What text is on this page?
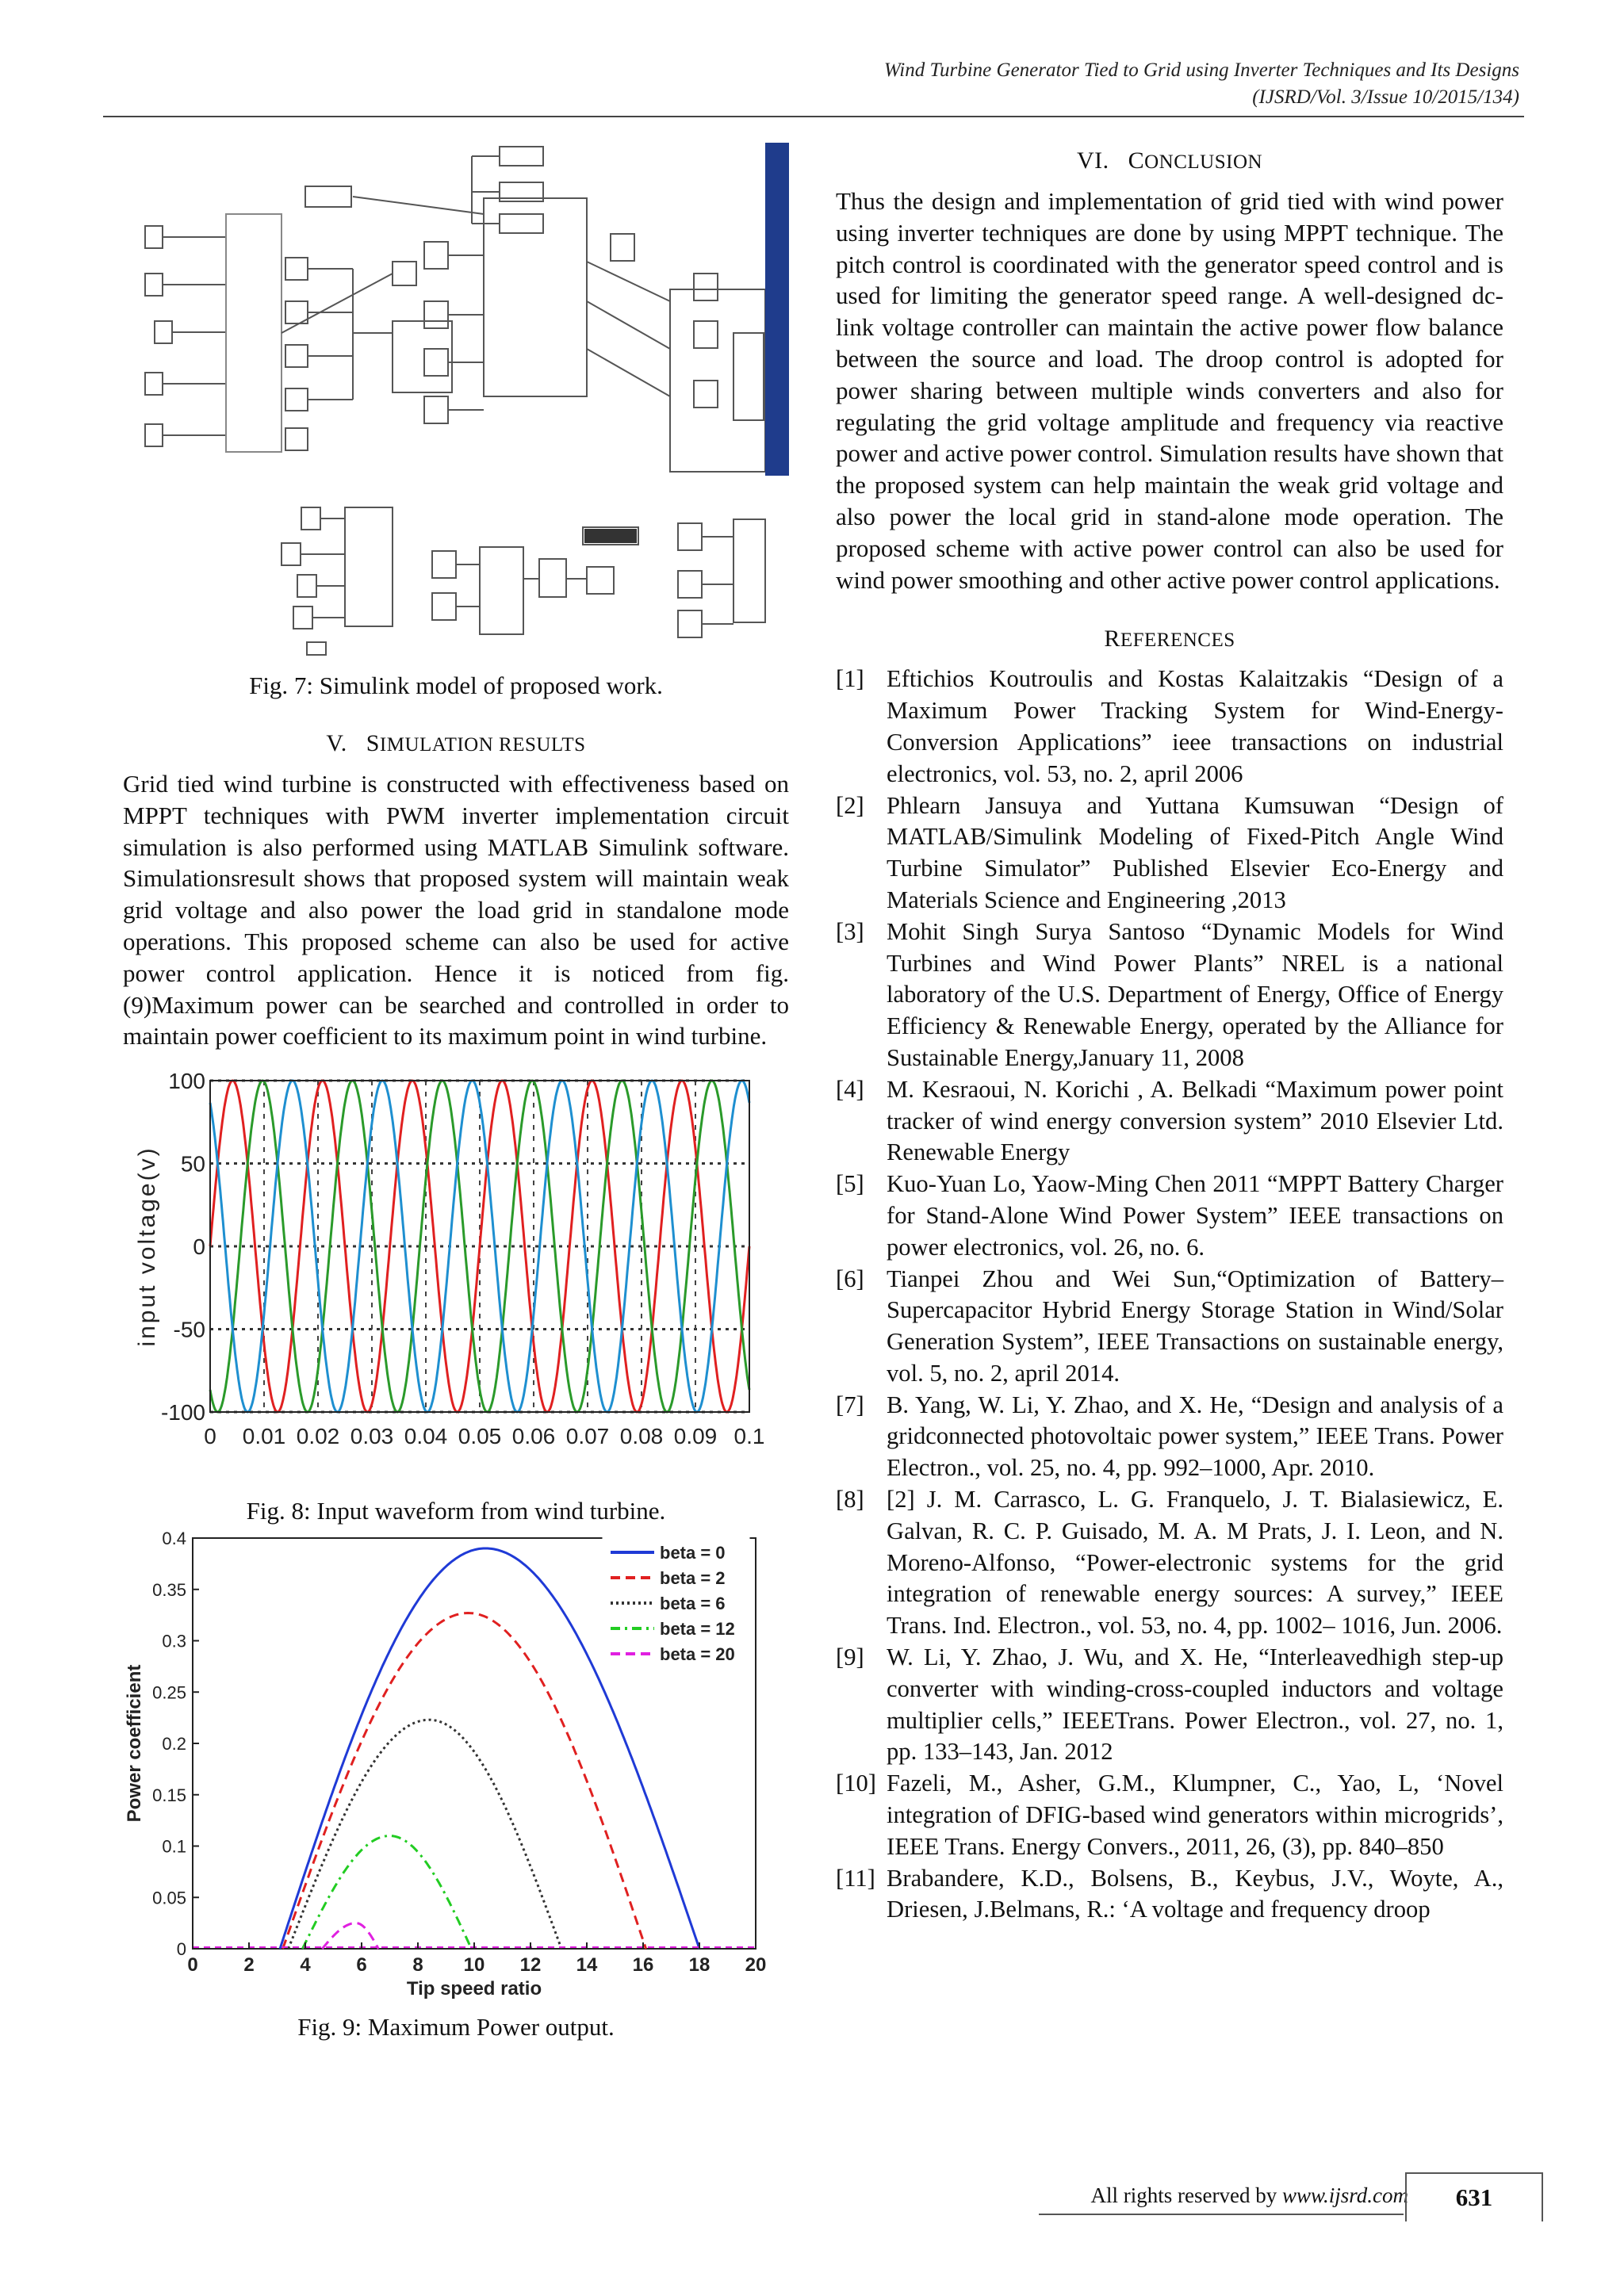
Wind Turbine Generator Tied to Grid using Inverter Techniques and Its Designs
(IJSRD/Vol. 3/Issue 10/2015/134)
Fig. 7: Simulink model of proposed work.
V. SIMULATION RESULTS

Grid tied wind turbine is constructed with effectiveness based on MPPT techniques with PWM inverter implementation circuit simulation is also performed using MATLAB Simulink software. Simulationsresult shows that proposed system will maintain weak grid voltage and also power the load grid in standalone mode operations. This proposed scheme can also be used for active power control application. Hence it is noticed from fig.(9)Maximum power can be searched and controlled in order to maintain power coefficient to its maximum point in wind turbine.

0 0.01 0.02 0.03 0.04 0.05 0.06 0.07 0.08 0.09 0.1
100
50
0
-50
-100
input voltage(v)
Fig. 8: Input waveform from wind turbine.
0 2 4 6 8 10 12 14 16 18 20
0
0.05
0.1
0.15
0.2
0.25
0.3
0.35
0.4
Tip speed ratio
Power coefficient
beta = 0
beta = 2
beta = 6
beta = 12
beta = 20
Fig. 9: Maximum Power output.
VI. CONCLUSION

Thus the design and implementation of grid tied with wind power using inverter techniques are done by using MPPT technique. The pitch control is coordinated with the generator speed control and is used for limiting the generator speed range. A well-designed dc-link voltage controller can maintain the active power flow balance between the source and load. The droop control is adopted for power sharing between multiple winds converters and also for regulating the grid voltage amplitude and frequency via reactive power and active power control. Simulation results have shown that the proposed system can help maintain the weak grid voltage and also power the local grid in stand-alone mode operation. The proposed scheme with active power control can also be used for wind power smoothing and other active power control applications.

REFERENCES
[1] Eftichios Koutroulis and Kostas Kalaitzakis “Design of a Maximum Power Tracking System for Wind-Energy-Conversion Applications” ieee transactions on industrial electronics, vol. 53, no. 2, april 2006
[2] Phlearn Jansuya and Yuttana Kumsuwan “Design of MATLAB/Simulink Modeling of Fixed-Pitch Angle Wind Turbine Simulator” Published Elsevier Eco-Energy and Materials Science and Engineering ,2013
[3] Mohit Singh Surya Santoso “Dynamic Models for Wind Turbines and Wind Power Plants” NREL is a national laboratory of the U.S. Department of Energy, Office of Energy Efficiency & Renewable Energy, operated by the Alliance for Sustainable Energy,January 11, 2008
[4] M. Kesraoui, N. Korichi , A. Belkadi “Maximum power point tracker of wind energy conversion system” 2010 Elsevier Ltd. Renewable Energy
[5] Kuo-Yuan Lo, Yaow-Ming Chen 2011 “MPPT Battery Charger for Stand-Alone Wind Power System” IEEE transactions on power electronics, vol. 26, no. 6.
[6] Tianpei Zhou and Wei Sun,“Optimization of Battery–Supercapacitor Hybrid Energy Storage Station in Wind/Solar Generation System”, IEEE Transactions on sustainable energy, vol. 5, no. 2, april 2014.
[7] B. Yang, W. Li, Y. Zhao, and X. He, “Design and analysis of a gridconnected photovoltaic power system,” IEEE Trans. Power Electron., vol. 25, no. 4, pp. 992–1000, Apr. 2010.
[8] [2] J. M. Carrasco, L. G. Franquelo, J. T. Bialasiewicz, E. Galvan, R. C. P. Guisado, M. A. M Prats, J. I. Leon, and N. Moreno-Alfonso, “Power-electronic systems for the grid integration of renewable energy sources: A survey,” IEEE Trans. Ind. Electron., vol. 53, no. 4, pp. 1002– 1016, Jun. 2006.
[9] W. Li, Y. Zhao, J. Wu, and X. He, “Interleavedhigh step-up converter with winding-cross-coupled inductors and voltage multiplier cells,” IEEETrans. Power Electron., vol. 27, no. 1, pp. 133–143, Jan. 2012
[10] Fazeli, M., Asher, G.M., Klumpner, C., Yao, L, ‘Novel integration of DFIG-based wind generators within microgrids’, IEEE Trans. Energy Convers., 2011, 26, (3), pp. 840–850
[11] Brabandere, K.D., Bolsens, B., Keybus, J.V., Woyte, A., Driesen, J.Belmans, R.: ‘A voltage and frequency droop
All rights reserved by www.ijsrd.com	631
